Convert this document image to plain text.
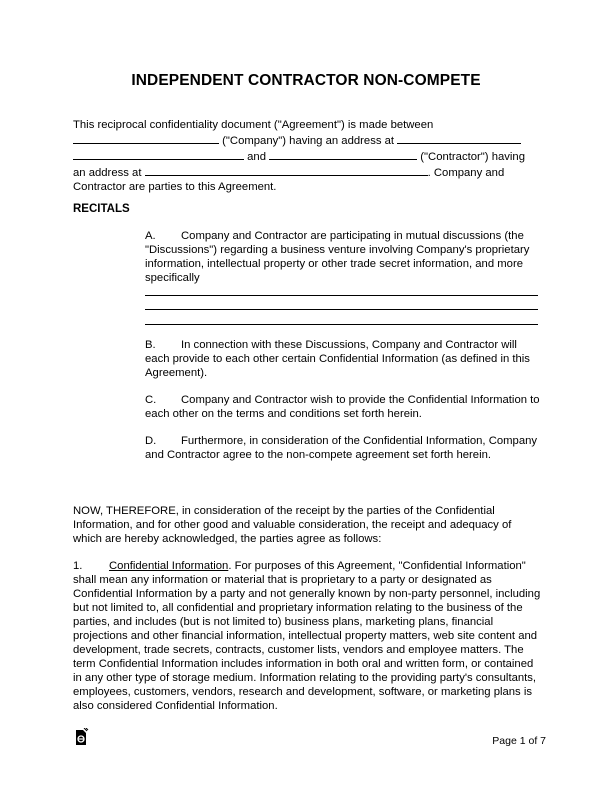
INDEPENDENT CONTRACTOR NON-COMPETE
This reciprocal confidentiality document ("Agreement") is made between
("Company") having an address at
and	("Contractor") having
an address at	. Company and
Contractor are parties to this Agreement.
RECITALS
A. Company and Contractor are participating in mutual discussions (the "Discussions") regarding a business venture involving Company's proprietary information, intellectual property or other trade secret information, and more specifically
B. In connection with these Discussions, Company and Contractor will each provide to each other certain Confidential Information (as defined in this Agreement).
C. Company and Contractor wish to provide the Confidential Information to each other on the terms and conditions set forth herein.
D. Furthermore, in consideration of the Confidential Information, Company and Contractor agree to the non-compete agreement set forth herein.
NOW, THEREFORE, in consideration of the receipt by the parties of the Confidential Information, and for other good and valuable consideration, the receipt and adequacy of which are hereby acknowledged, the parties agree as follows:
1. Confidential Information. For purposes of this Agreement, "Confidential Information" shall mean any information or material that is proprietary to a party or designated as Confidential Information by a party and not generally known by non-party personnel, including but not limited to, all confidential and proprietary information relating to the business of the parties, and includes (but is not limited to) business plans, marketing plans, financial projections and other financial information, intellectual property matters, web site content and development, trade secrets, contracts, customer lists, vendors and employee matters. The term Confidential Information includes information in both oral and written form, or contained in any other type of storage medium. Information relating to the providing party's consultants, employees, customers, vendors, research and development, software, or marketing plans is also considered Confidential Information.
Page 1 of 7
